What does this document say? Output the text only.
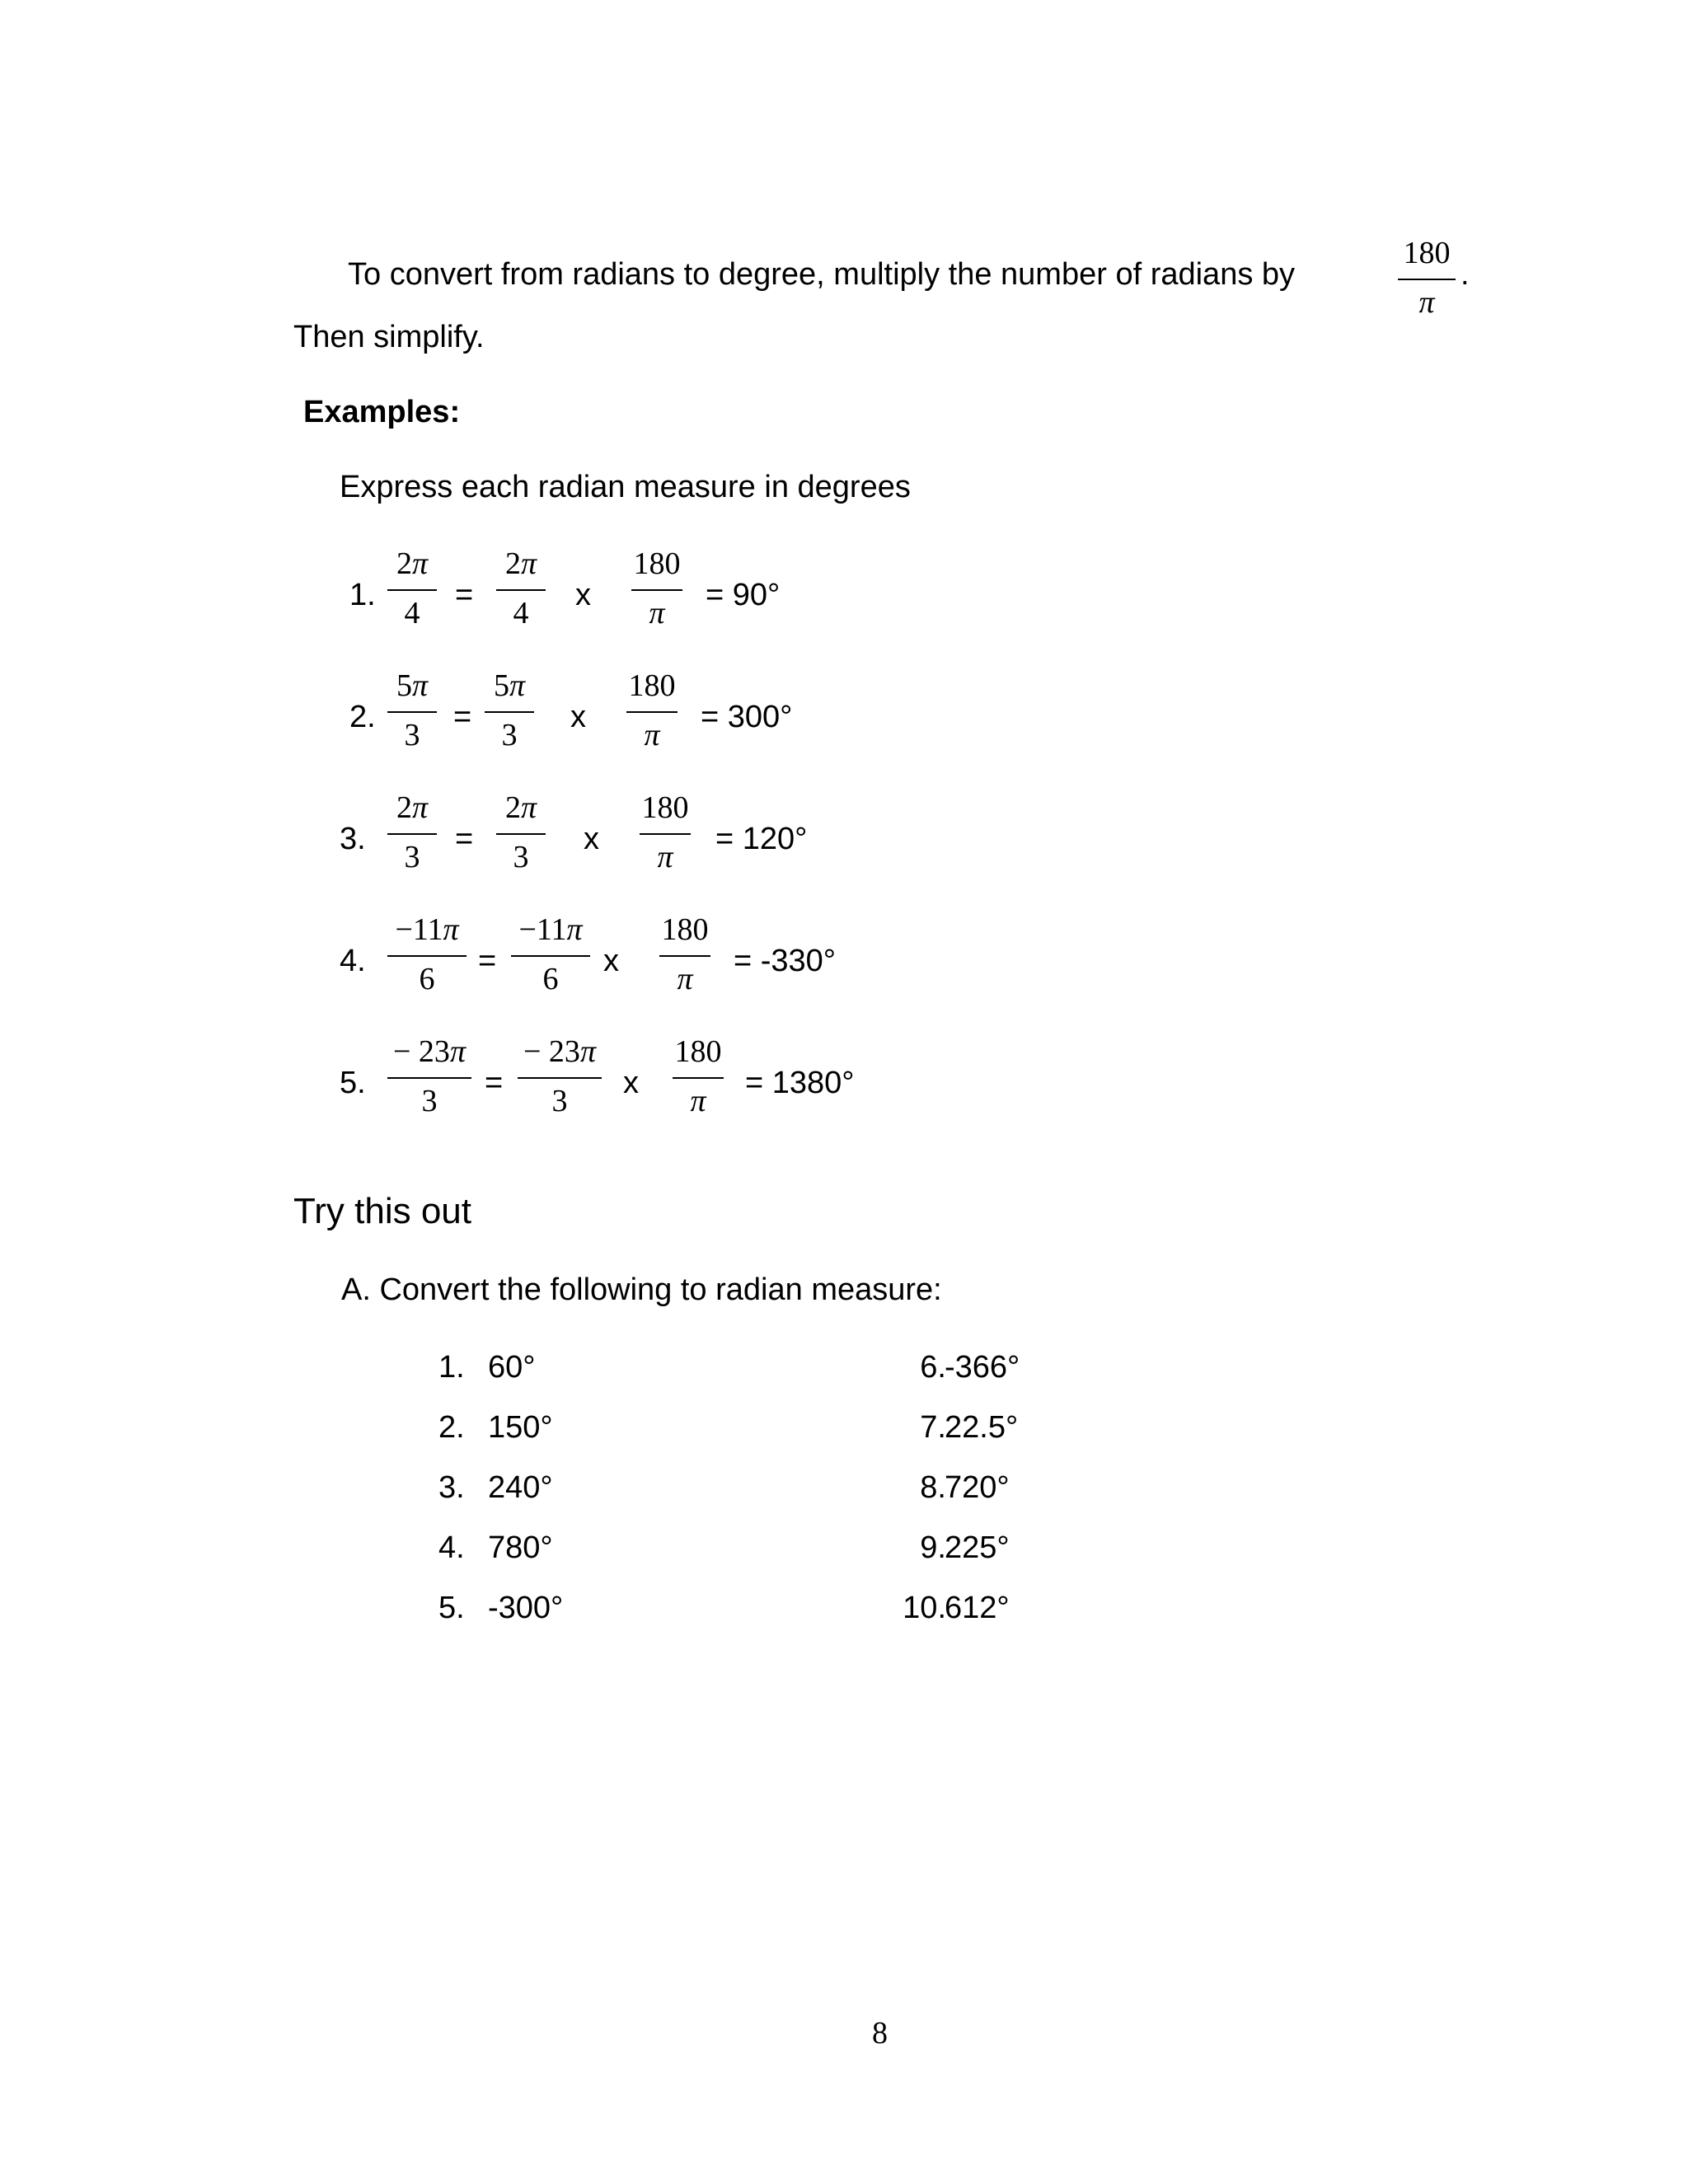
To convert from radians to degree, multiply the number of radians by
180
π
.
Then simplify.
Examples:
Express each radian measure in degrees
1.
2π
4
=
2π
4
x
180
π
= 90°
2.
5π
3
=
5π
3
x
180
π
= 300°
3.
2π
3
=
2π
3
x
180
π
= 120°
4.
−11π
6
=
−11π
6
x
180
π
= -330°
5.
− 23π
3
=
− 23π
3
x
180
π
= 1380°
Try this out
A. Convert the following to radian measure:
1. 60°
2. 150°
3. 240°
4. 780°
5. -300°
6.
-366°
7.
22.5°
8.
720°
9.
225°
10.
612°
8
